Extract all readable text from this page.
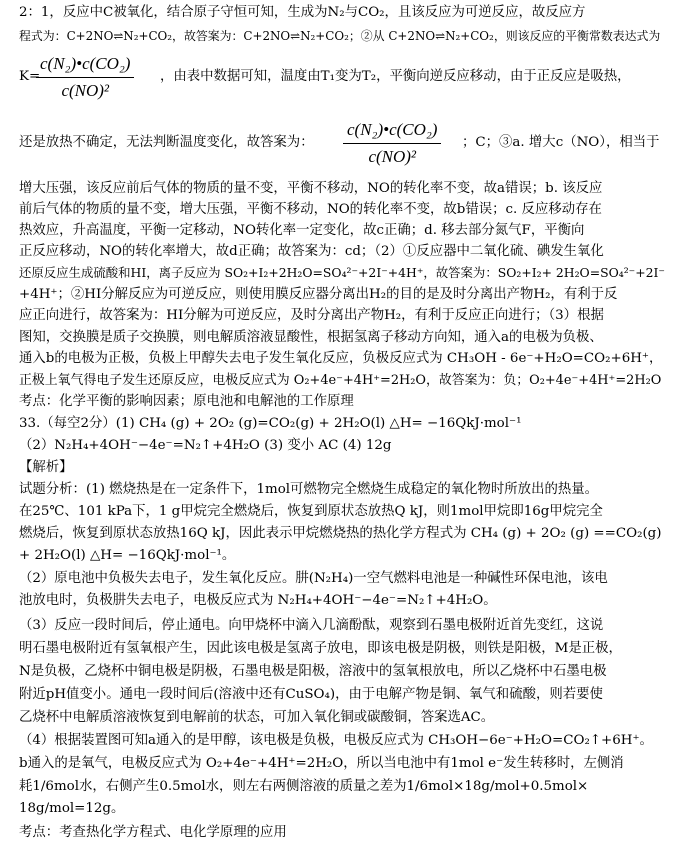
2：1，反应中C被氧化，结合原子守恒可知，生成为N₂与CO₂，且该反应为可逆反应，故反应方
程式为：C+2NO⇌N₂+CO₂，故答案为：C+2NO⇌N₂+CO₂；②从 C+2NO⇌N₂+CO₂，则该反应的平衡常数表达式为
K=
$\frac{\text{c(N₂)•c(CO₂)}}{\text{c(NO)²}}$ ，由表中数据可知，温度由T₁变为T₂，平衡向逆反应移动，由于正反应是吸热，
还是放热不确定，无法判断温度变化，故答案为： $\frac{\text{c(N₂)•c(CO₂)}}{\text{c(NO)²}}$ ；C；③a. 增大c（NO），相当于
增大压强，该反应前后气体的物质的量不变，平衡不移动，NO的转化率不变，故a错误；b. 该反应
前后气体的物质的量不变，增大压强，平衡不移动，NO的转化率不变，故b错误；c. 反应移动存在
热效应，升高温度，平衡一定移动，NO转化率一定变化，故c正确；d. 移去部分氮气F，平衡向
正反应移动，NO的转化率增大，故d正确；故答案为：cd；（2）①反应器中二氧化硫、碘发生氧化
还原反应生成硫酸和HI，离子反应为 SO₂+I₂+2H₂O=SO₄²⁻+2I⁻+4H⁺，故答案为：SO₂+I₂+ 2H₂O=SO₄²⁻+2I⁻
+4H⁺；②HI分解反应为可逆反应，则使用膜反应器分离出H₂的目的是及时分离出产物H₂，有利于反
应正向进行，故答案为：HI分解为可逆反应，及时分离出产物H₂，有利于反应正向进行；（3）根据
图知，交换膜是质子交换膜，则电解质溶液显酸性，根据氢离子移动方向知，通入a的电极为负极、
通入b的电极为正极，负极上甲醇失去电子发生氧化反应，负极反应式为 CH₃OH - 6e⁻+H₂O=CO₂+6H⁺，
正极上氧气得电子发生还原反应，电极反应式为 O₂+4e⁻+4H⁺=2H₂O，故答案为：负；O₂+4e⁻+4H⁺=2H₂O
考点：化学平衡的影响因素；原电池和电解池的工作原理
33.（每空2分）(1) CH₄ (g) + 2O₂ (g)=CO₂(g) + 2H₂O(l) △H= −16QkJ·mol⁻¹
（2）N₂H₄+4OH⁻−4e⁻=N₂↑+4H₂O (3) 变小 AC (4) 12g
【解析】
试题分析：(1) 燃烧热是在一定条件下，1mol可燃物完全燃烧生成稳定的氧化物时所放出的热量。
在25℃、101 kPa下，1 g甲烷完全燃烧后，恢复到原状态放热Q kJ，则1mol甲烷即16g甲烷完全
燃烧后，恢复到原状态放热16Q kJ，因此表示甲烷燃烧热的热化学方程式为 CH₄ (g) + 2O₂ (g) ==CO₂(g)
+ 2H₂O(l) △H= −16QkJ·mol⁻¹。
（2）原电池中负极失去电子，发生氧化反应。肼(N₂H₄)一空气燃料电池是一种碱性环保电池，该电
池放电时，负极肼失去电子，电极反应式为 N₂H₄+4OH⁻−4e⁻=N₂↑+4H₂O。
（3）反应一段时间后，停止通电。向甲烧杯中滴入几滴酚酞，观察到石墨电极附近首先变红，这说
明石墨电极附近有氢氧根产生，因此该电极是氢离子放电，即该电极是阴极，则铁是阳极，M是正极，
N是负极，乙烧杯中铜电极是阴极，石墨电极是阳极，溶液中的氢氧根放电，所以乙烧杯中石墨电极
附近pH值变小。通电一段时间后(溶液中还有CuSO₄)，由于电解产物是铜、氧气和硫酸，则若要使
乙烧杯中电解质溶液恢复到电解前的状态，可加入氧化铜或碳酸铜，答案选AC。
（4）根据装置图可知a通入的是甲醇，该电极是负极，电极反应式为 CH₃OH−6e⁻+H₂O=CO₂↑+6H⁺。
b通入的是氧气，电极反应式为 O₂+4e⁻+4H⁺=2H₂O，所以当电池中有1mol e⁻发生转移时，左侧消
耗1/6mol水，右侧产生0.5mol水，则左右两侧溶液的质量之差为1/6mol×18g/mol+0.5mol×
18g/mol=12g。
考点：考查热化学方程式、电化学原理的应用
